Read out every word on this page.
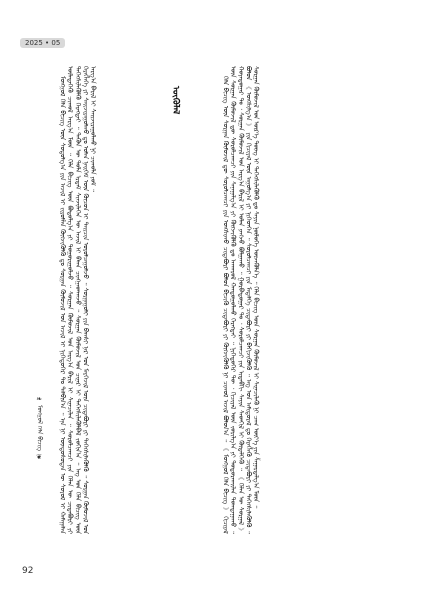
2025 • 05

ᠬᠡᠯᠡ ᠪᠢᠴᠢᠭ ᠦᠨ ᠰᠤᠷᠭᠠᠨ ᠬᠥᠮᠦᠵᠢᠯ ᠳᠦ ᠰᠤᠷᠤᠯᠴᠠᠭᠴᠢ ᠶᠢᠨ ᠤᠩᠰᠢᠬᠤ ᠴᠢᠳᠠᠪᠤᠷᠢ ᠪᠣᠯᠤᠨ ᠪᠢᠴᠢᠬᠦ ᠴᠢᠳᠠᠪᠤᠷᠢ ᠶᠢ ᠬᠥᠭᠵᠢᠭᠦᠯᠬᠦ ᠨᠢ ᠴᠢᠬᠤᠯ ᠠᠵᠢᠯ ᠪᠣᠯᠤᠨ᠎ᠠ ᠃ 《 ᠮᠣᠩᠭᠣᠯ ᠬᠡᠯᠡ ᠪᠢᠴᠢᠭ 》 ᠬᠢᠴᠢᠶᠡᠯ ᠦᠨ ᠰᠤᠷᠭᠠᠨ ᠬᠥᠮᠦᠵᠢᠯ ᠳᠦ ᠰᠤᠷᠤᠯᠴᠠᠭᠴᠢ ᠶᠢᠨ ᠰᠠᠨᠠᠭᠠᠯᠭ᠎ᠠ ᠶᠢ ᠬᠥᠭᠵᠢᠭᠦᠯᠬᠦ ᠳᠤ ᠠᠨᠬᠠᠷᠤᠯ ᠬᠠᠨᠳᠤᠭᠤᠯᠬᠤ ᠬᠡᠷᠡᠭᠲᠡᠢ ᠃ ᠨᠢᠭᠡᠳᠦᠭᠡᠷ ᠲᠦ ᠂ ᠬᠢᠴᠢᠶᠡᠯ ᠦᠨ ᠵᠣᠷᠢᠯᠭ᠎ᠠ ᠶᠢ ᠲᠣᠳᠣᠷᠬᠠᠢᠯᠠᠨ ᠲᠣᠭᠲᠠᠭᠠᠬᠤ ᠃ ᠬᠣᠶᠠᠳᠤᠭᠠᠷ ᠲᠤ ᠂ ᠰᠤᠷᠭᠠᠨ ᠬᠥᠮᠦᠵᠢᠯ ᠤᠨ ᠠᠷᠭ᠎ᠠ ᠪᠠᠷᠢᠯ ᠢ ᠣᠯᠠᠨ ᠶᠠᠩᠵᠤ ᠪᠣᠯᠭᠠᠬᠤ ᠃ ᠭᠤᠷᠪᠠᠳᠤᠭᠠᠷ ᠲᠤ ᠂ ᠰᠤᠷᠤᠯᠴᠠᠭᠴᠢ ᠶᠢᠨ ᠢᠳᠡᠪᠬᠢ ᠰᠠᠶᠢᠨ ᠰᠡᠳᠬᠢᠯ ᠢ ᠬᠥᠳᠡᠯᠭᠡᠬᠦ ᠃ 《 ᠬᠡᠯᠡᠨ ᠦ ᠰᠤᠷᠭᠠᠯ 》 ᠪᠣᠯᠤᠨ 《 ᠤᠩᠰᠢᠯᠭ᠎ᠠ 》 ᠶᠢᠨ ᠬᠢᠴᠢᠶᠡᠯ ᠦᠨ ᠠᠭᠤᠯᠭ᠎ᠠ ᠶᠢ ᠨᠢᠭᠡᠳᠬᠡᠨ ᠃ ᠰᠤᠷᠤᠯᠴᠠᠭᠴᠢ ᠶᠢᠨ ᠮᠡᠳᠡᠯᠭᠡ ᠴᠢᠳᠠᠪᠤᠷᠢ ᠶᠢ ᠪᠡᠬᠢᠵᠢᠭᠦᠯᠬᠦ ᠃ ᠡᠩ ᠤᠨ ᠠᠮᠢᠳᠤᠷᠠᠯ ᠳᠤ ᠬᠡᠷᠡᠭᠯᠡᠬᠦ ᠴᠢᠳᠠᠪᠤᠷᠢ ᠶᠢ ᠳᠡᠭᠡᠭᠰᠢᠯᠡᠭᠦᠯᠬᠦ ᠃ ᠰᠤᠷᠭᠠᠨ ᠬᠥᠮᠦᠵᠢᠯ ᠤᠨ ᠦᠷ᠎ᠡ ᠳᠦᠩ ᠢ ᠳᠡᠭᠡᠭᠰᠢᠯᠡᠭᠦᠯᠬᠦ ᠳᠤ ᠰᠠᠶᠢᠨ ᠨᠥᠯᠦᠭᠡ ᠦᠵᠡᠭᠦᠯᠨ᠎ᠡ ᠃ ᠬᠡᠯᠡ ᠪᠢᠴᠢᠭ ᠦᠨ ᠰᠤᠷᠭᠠᠨ ᠬᠥᠮᠦᠵᠢᠯ ᠢ ᠰᠢᠨᠡᠴᠢᠯᠡᠬᠦ ᠨᠢ ᠴᠠᠭ ᠦᠶ᠎ᠡ ᠶᠢᠨ ᠱᠠᠭᠠᠷᠳᠠᠯᠭ᠎ᠠ ᠮᠥᠨ ᠃

ᠮᠣᠩᠭᠣᠯ ᠬᠡᠯᠡ ᠪᠢᠴᠢᠭ ᠦᠨ ᠰᠤᠳᠤᠯᠭ᠎ᠠ ᠶᠢᠨ ᠠᠵᠢᠯ ᠢ ᠵᠢᠷᠤᠮᠯᠠᠨ ᠬᠥᠭᠵᠢᠭᠦᠯᠬᠦ ᠳᠤ ᠰᠤᠷᠭᠠᠨ ᠬᠥᠮᠦᠵᠢᠯ ᠤᠨ ᠠᠵᠢᠯ ᠢ ᠨᠢᠭᠡᠳᠦᠭᠡᠷ ᠲᠤ ᠲᠠᠯᠪᠢᠨ᠎ᠠ ᠃ ᠡᠨᠡ ᠨᠢ ᠦᠨᠳᠦᠰᠦᠲᠡᠨ ᠦ ᠰᠣᠶᠣᠯ ᠢ ᠬᠠᠮᠠᠭᠠᠯᠠᠨ ᠦᠯᠡᠳᠡᠭᠡᠬᠦ ᠴᠢᠬᠤᠯ ᠠᠷᠭ᠎ᠠ ᠮᠥᠨ ᠃ ᠬᠡᠯᠡ ᠪᠢᠴᠢᠭ ᠦᠨ ᠪᠣᠳᠤᠯᠭ᠎ᠠ ᠶᠢ ᠲᠤᠭᠤᠷᠢᠭᠤᠯᠵᠤ ᠃ ᠰᠤᠷᠭᠠᠨ ᠬᠥᠮᠦᠵᠢᠯ ᠤᠨ ᠠᠷᠭ᠎ᠠ ᠪᠠᠷᠢᠯ ᠢ ᠰᠢᠨᠡᠴᠢᠯᠡᠨ ᠃ ᠰᠤᠷᠤᠯᠴᠠᠭᠴᠢ ᠶᠢᠨ ᠬᠡᠯᠡᠨ ᠦ ᠴᠢᠳᠠᠪᠤᠷᠢ ᠶᠢ ᠳᠡᠭᠡᠭᠰᠢᠯᠡᠭᠦᠯᠬᠦ ᠬᠡᠷᠡᠭᠲᠡᠢ ᠃ ᠲᠡᠭᠦᠨ ᠦ ᠲᠤᠯᠠ ᠡᠷᠳᠡᠮ ᠰᠢᠨᠵᠢᠯᠡᠭᠡᠨ ᠦ ᠠᠵᠢᠯ ᠢ ᠪᠠᠬᠠ ᠴᠢᠩᠭᠠᠳᠬᠠᠵᠤ ᠃ ᠰᠤᠷᠭᠠᠨ ᠬᠥᠮᠦᠵᠢᠯ ᠤᠨ ᠴᠢᠨᠠᠷ ᠢ ᠳᠡᠭᠡᠭᠰᠢᠯᠡᠭᠦᠯᠪᠡᠯ ᠵᠣᠬᠢᠨ᠎ᠠ ᠃ ᠡᠩ ᠤᠨ ᠬᠡᠯᠡ ᠪᠢᠴᠢᠭ ᠦᠨ ᠬᠡᠷᠡᠭᠯᠡᠭᠡ ᠶᠢ ᠰᠠᠢᠵᠢᠷᠠᠭᠤᠯᠬᠤ ᠳᠤ ᠣᠯᠠᠨ ᠨᠡᠢᠭᠡᠮ ᠦᠨ ᠬᠦᠴᠦᠨ ᠢ ᠳᠠᠢᠴᠢᠨ ᠣᠷᠣᠯᠴᠠᠭᠤᠯᠵᠤ ᠃ ᠰᠤᠷᠭᠠᠭᠤᠯᠢ ᠶᠢᠨ ᠪᠠᠭᠰᠢ ᠨᠠᠷ ᠤᠨ ᠮᠡᠷᠭᠡᠵᠢᠯ ᠦᠨ ᠴᠢᠳᠠᠪᠤᠷᠢ ᠶᠢ ᠳᠡᠭᠡᠭᠰᠢᠯᠡᠭᠦᠯᠬᠦ ᠃ ᠰᠤᠷᠭᠠᠨ ᠬᠥᠮᠦᠵᠢᠯ ᠤᠨ ᠠᠷᠭ᠎ᠠ ᠪᠠᠷᠢᠯ ᠢ ᠰᠠᠢᠵᠢᠷᠠᠭᠤᠯᠬᠤ ᠨᠢ ᠴᠢᠬᠤᠯᠠ ᠶᠤᠮ ᠃	ᠦᠭᠦᠯᠡᠯ
❧ ᠮᠣᠩᠭᠣᠯ ᠬᠡᠯᠡ ᠪᠢᠴᠢᠭ ❦
92
